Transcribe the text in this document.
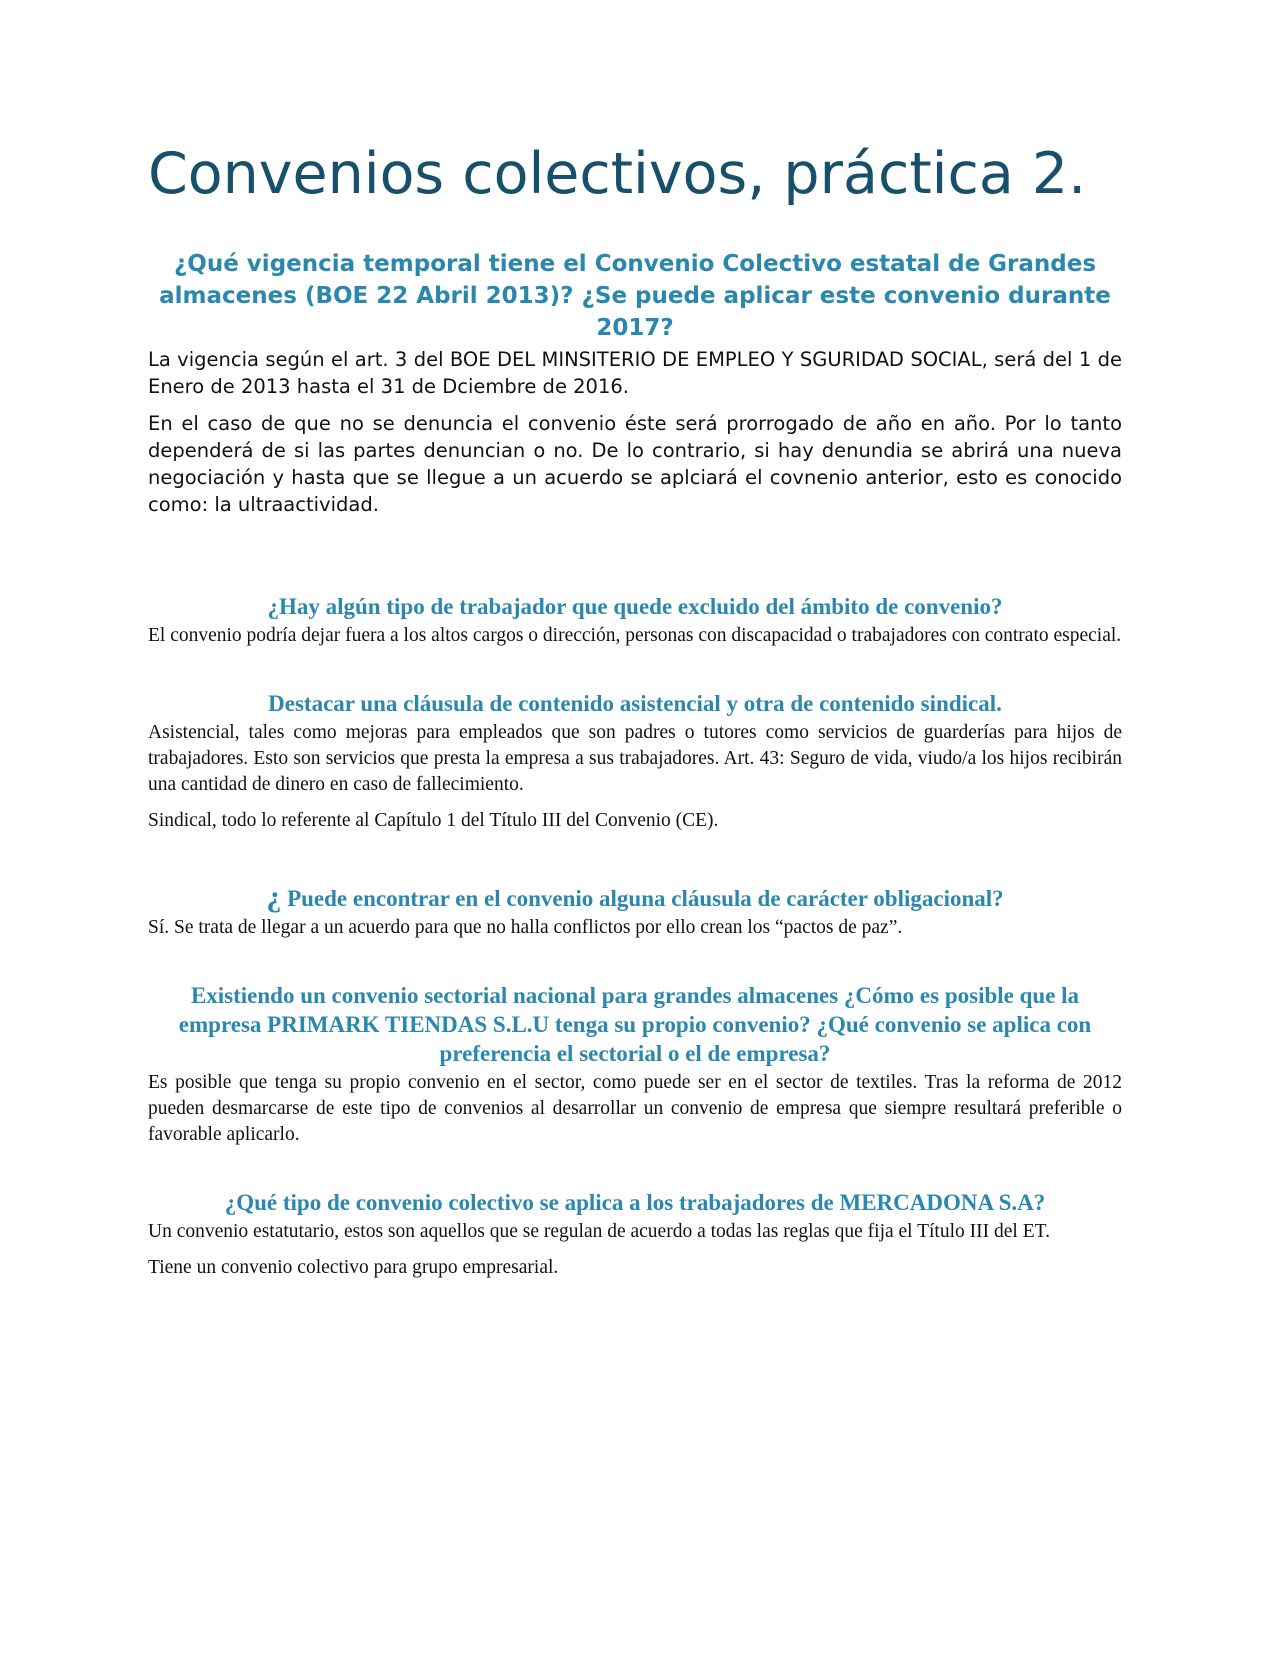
Convenios colectivos, práctica 2.
¿Qué vigencia temporal tiene el Convenio Colectivo estatal de Grandes almacenes (BOE 22 Abril 2013)? ¿Se puede aplicar este convenio durante 2017?

La vigencia según el art. 3 del BOE DEL MINSITERIO DE EMPLEO Y SGURIDAD SOCIAL, será del 1 de Enero de 2013 hasta el 31 de Dciembre de 2016.

En el caso de que no se denuncia el convenio éste será prorrogado de año en año. Por lo tanto dependerá de si las partes denuncian o no. De lo contrario, si hay denundia se abrirá una nueva negociación y hasta que se llegue a un acuerdo se aplciará el covnenio anterior, esto es conocido como: la ultraactividad.

¿Hay algún tipo de trabajador que quede excluido del ámbito de convenio?

El convenio podría dejar fuera a los altos cargos o dirección, personas con discapacidad o trabajadores con contrato especial.

Destacar una cláusula de contenido asistencial y otra de contenido sindical.

Asistencial, tales como mejoras para empleados que son padres o tutores como servicios de guarderías para hijos de trabajadores. Esto son servicios que presta la empresa a sus trabajadores. Art. 43: Seguro de vida, viudo/a los hijos recibirán una cantidad de dinero en caso de fallecimiento.

Sindical, todo lo referente al Capítulo 1 del Título III del Convenio (CE).

¿ Puede encontrar en el convenio alguna cláusula de carácter obligacional?

Sí. Se trata de llegar a un acuerdo para que no halla conflictos por ello crean los “pactos de paz”.

Existiendo un convenio sectorial nacional para grandes almacenes ¿Cómo es posible que la empresa PRIMARK TIENDAS S.L.U tenga su propio convenio? ¿Qué convenio se aplica con preferencia el sectorial o el de empresa?

Es posible que tenga su propio convenio en el sector, como puede ser en el sector de textiles. Tras la reforma de 2012 pueden desmarcarse de este tipo de convenios al desarrollar un convenio de empresa que siempre resultará preferible o favorable aplicarlo.

¿Qué tipo de convenio colectivo se aplica a los trabajadores de MERCADONA S.A?

Un convenio estatutario, estos son aquellos que se regulan de acuerdo a todas las reglas que fija el Título III del ET.

Tiene un convenio colectivo para grupo empresarial.
